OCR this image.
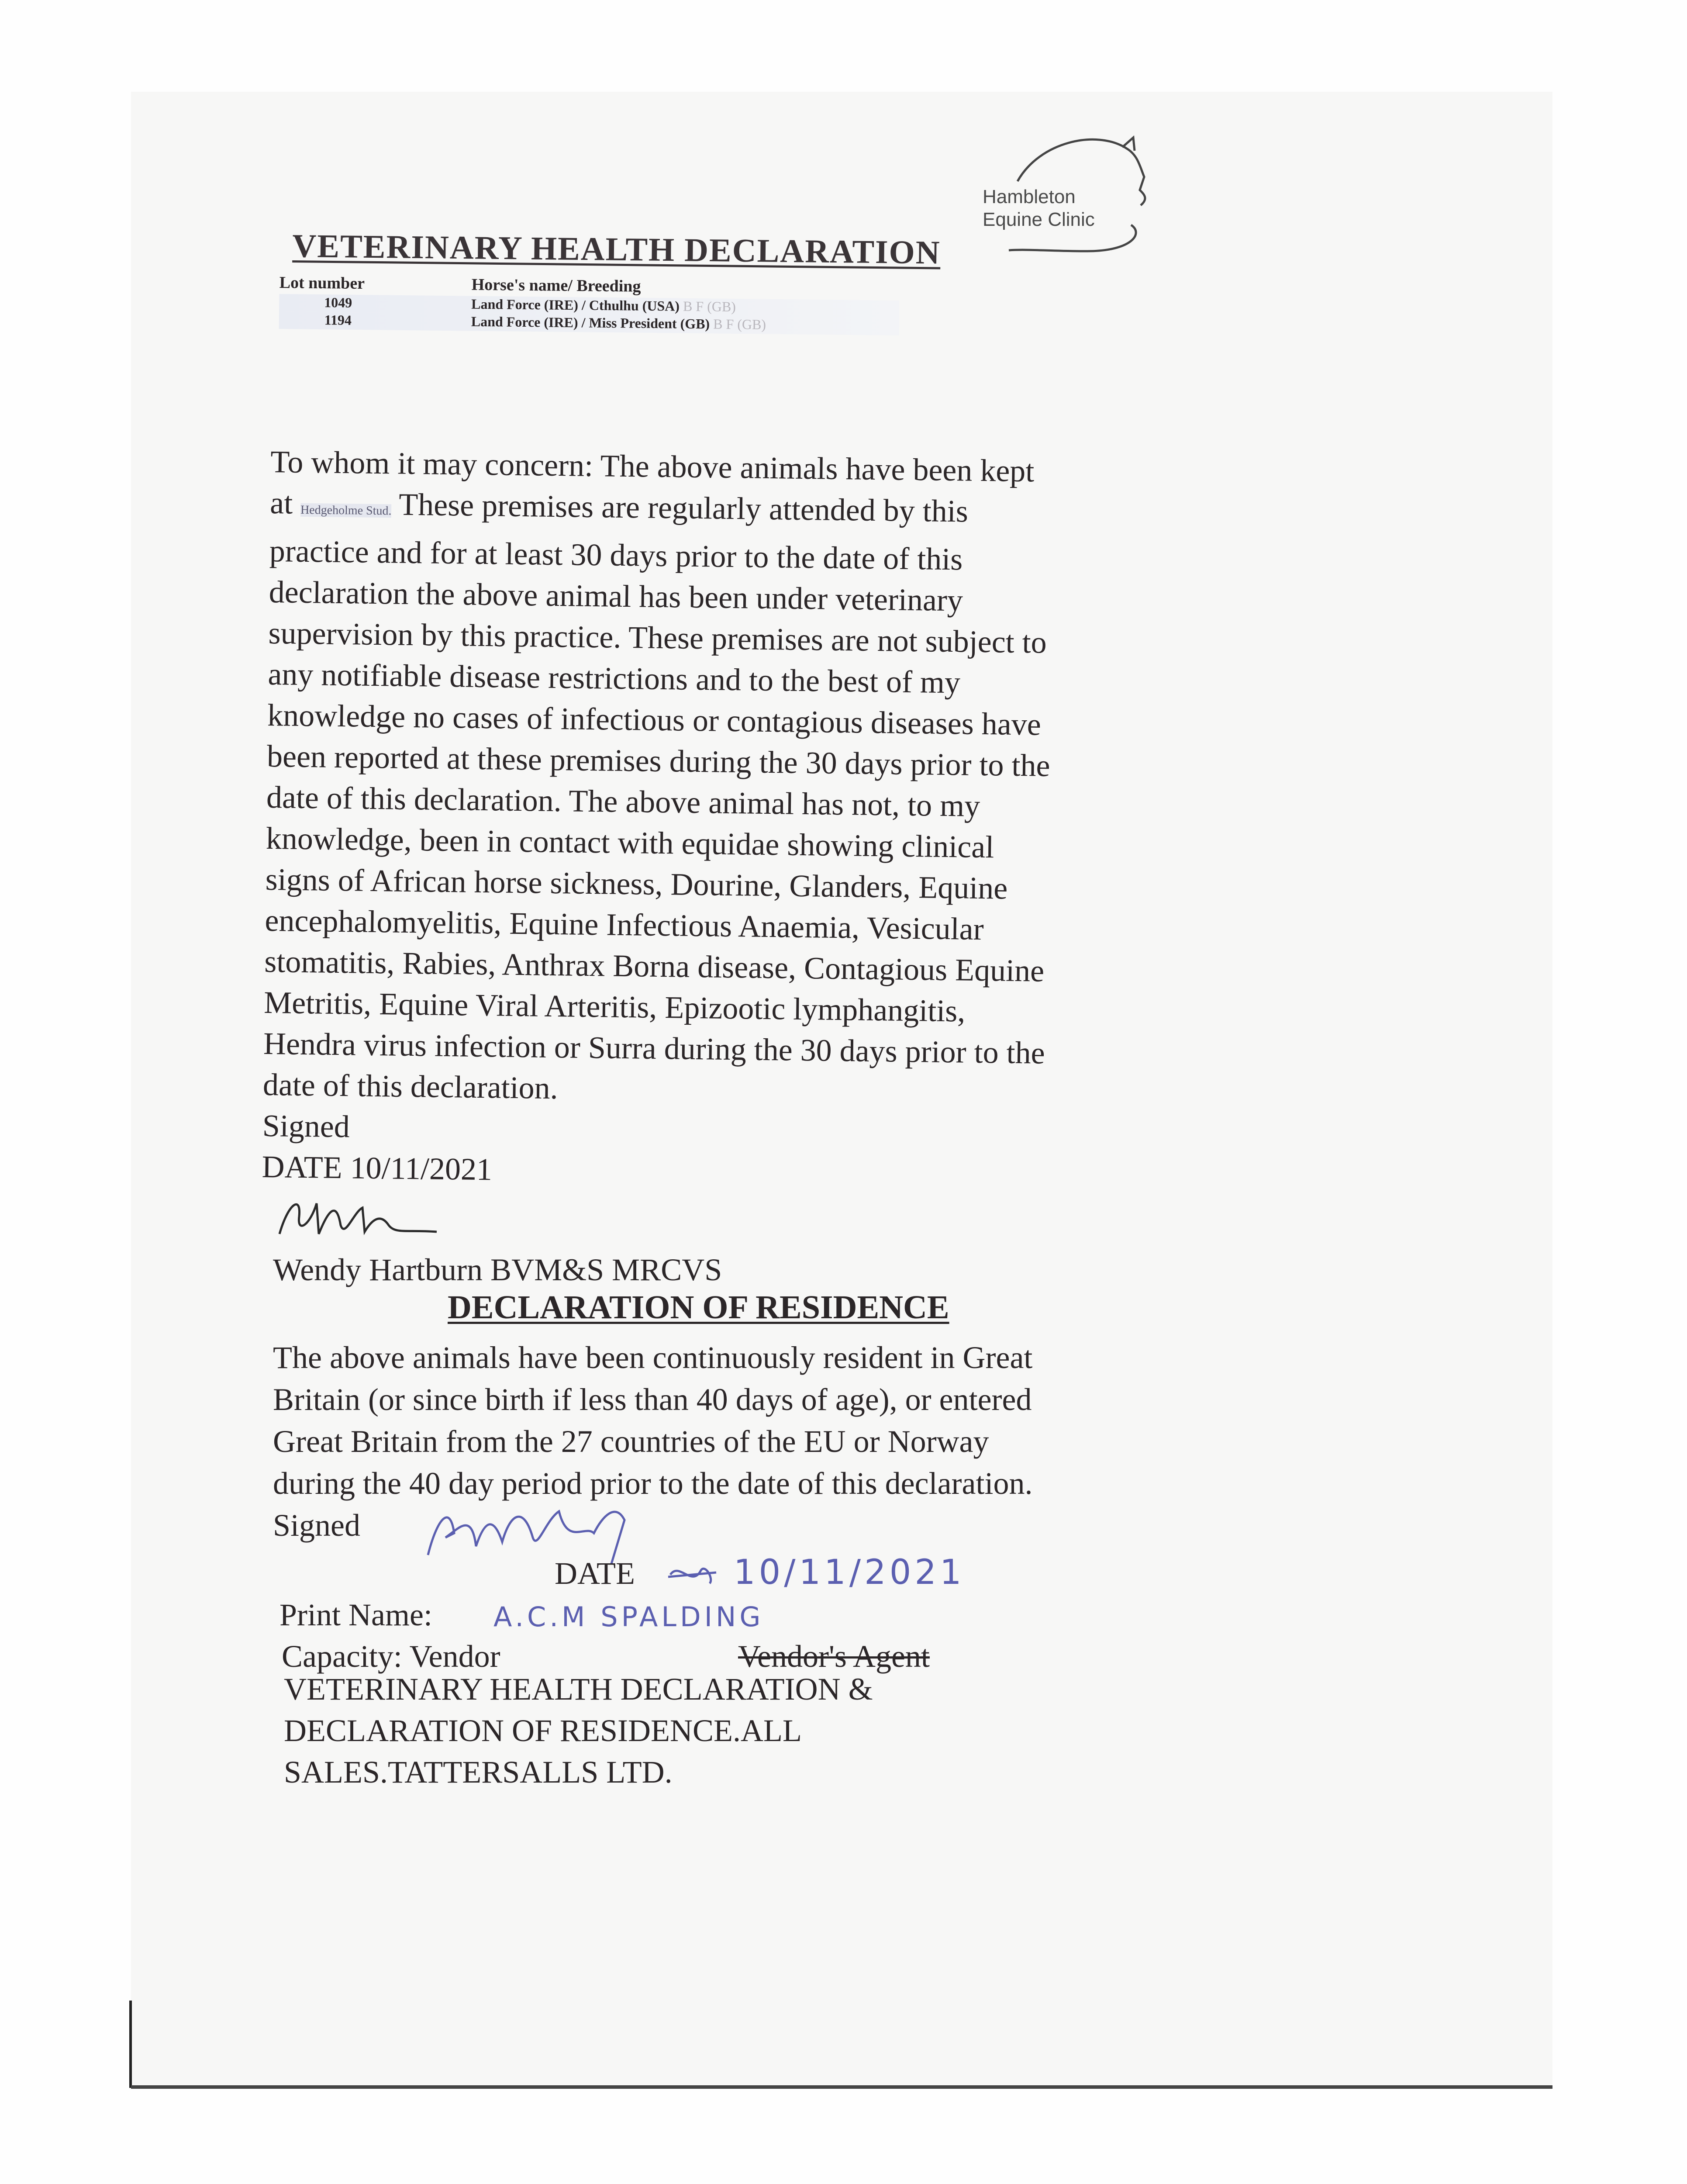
Hambleton
Equine Clinic
VETERINARY HEALTH DECLARATION
Lot number	Horse's name/ Breeding
1049	Land Force (IRE) / Cthulhu (USA) B F (GB)
1194	Land Force (IRE) / Miss President (GB) B F (GB)
To whom it may concern: The above animals have been kept
at Hedgeholme Stud. These premises are regularly attended by this
practice and for at least 30 days prior to the date of this
declaration the above animal has been under veterinary
supervision by this practice. These premises are not subject to
any notifiable disease restrictions and to the best of my
knowledge no cases of infectious or contagious diseases have
been reported at these premises during the 30 days prior to the
date of this declaration. The above animal has not, to my
knowledge, been in contact with equidae showing clinical
signs of African horse sickness, Dourine, Glanders, Equine
encephalomyelitis, Equine Infectious Anaemia, Vesicular
stomatitis, Rabies, Anthrax Borna disease, Contagious Equine
Metritis, Equine Viral Arteritis, Epizootic lymphangitis,
Hendra virus infection or Surra during the 30 days prior to the
date of this declaration.
Signed
DATE 10/11/2021
Wendy Hartburn BVM&S MRCVS
DECLARATION OF RESIDENCE
The above animals have been continuously resident in Great
Britain (or since birth if less than 40 days of age), or entered
Great Britain from the 27 countries of the EU or Norway
during the 40 day period prior to the date of this declaration.
Signed
DATE	10/11/2021
Print Name: A.C.M SPALDING
Capacity: Vendor	Vendor's Agent
VETERINARY HEALTH DECLARATION &
DECLARATION OF RESIDENCE.ALL
SALES.TATTERSALLS LTD.
